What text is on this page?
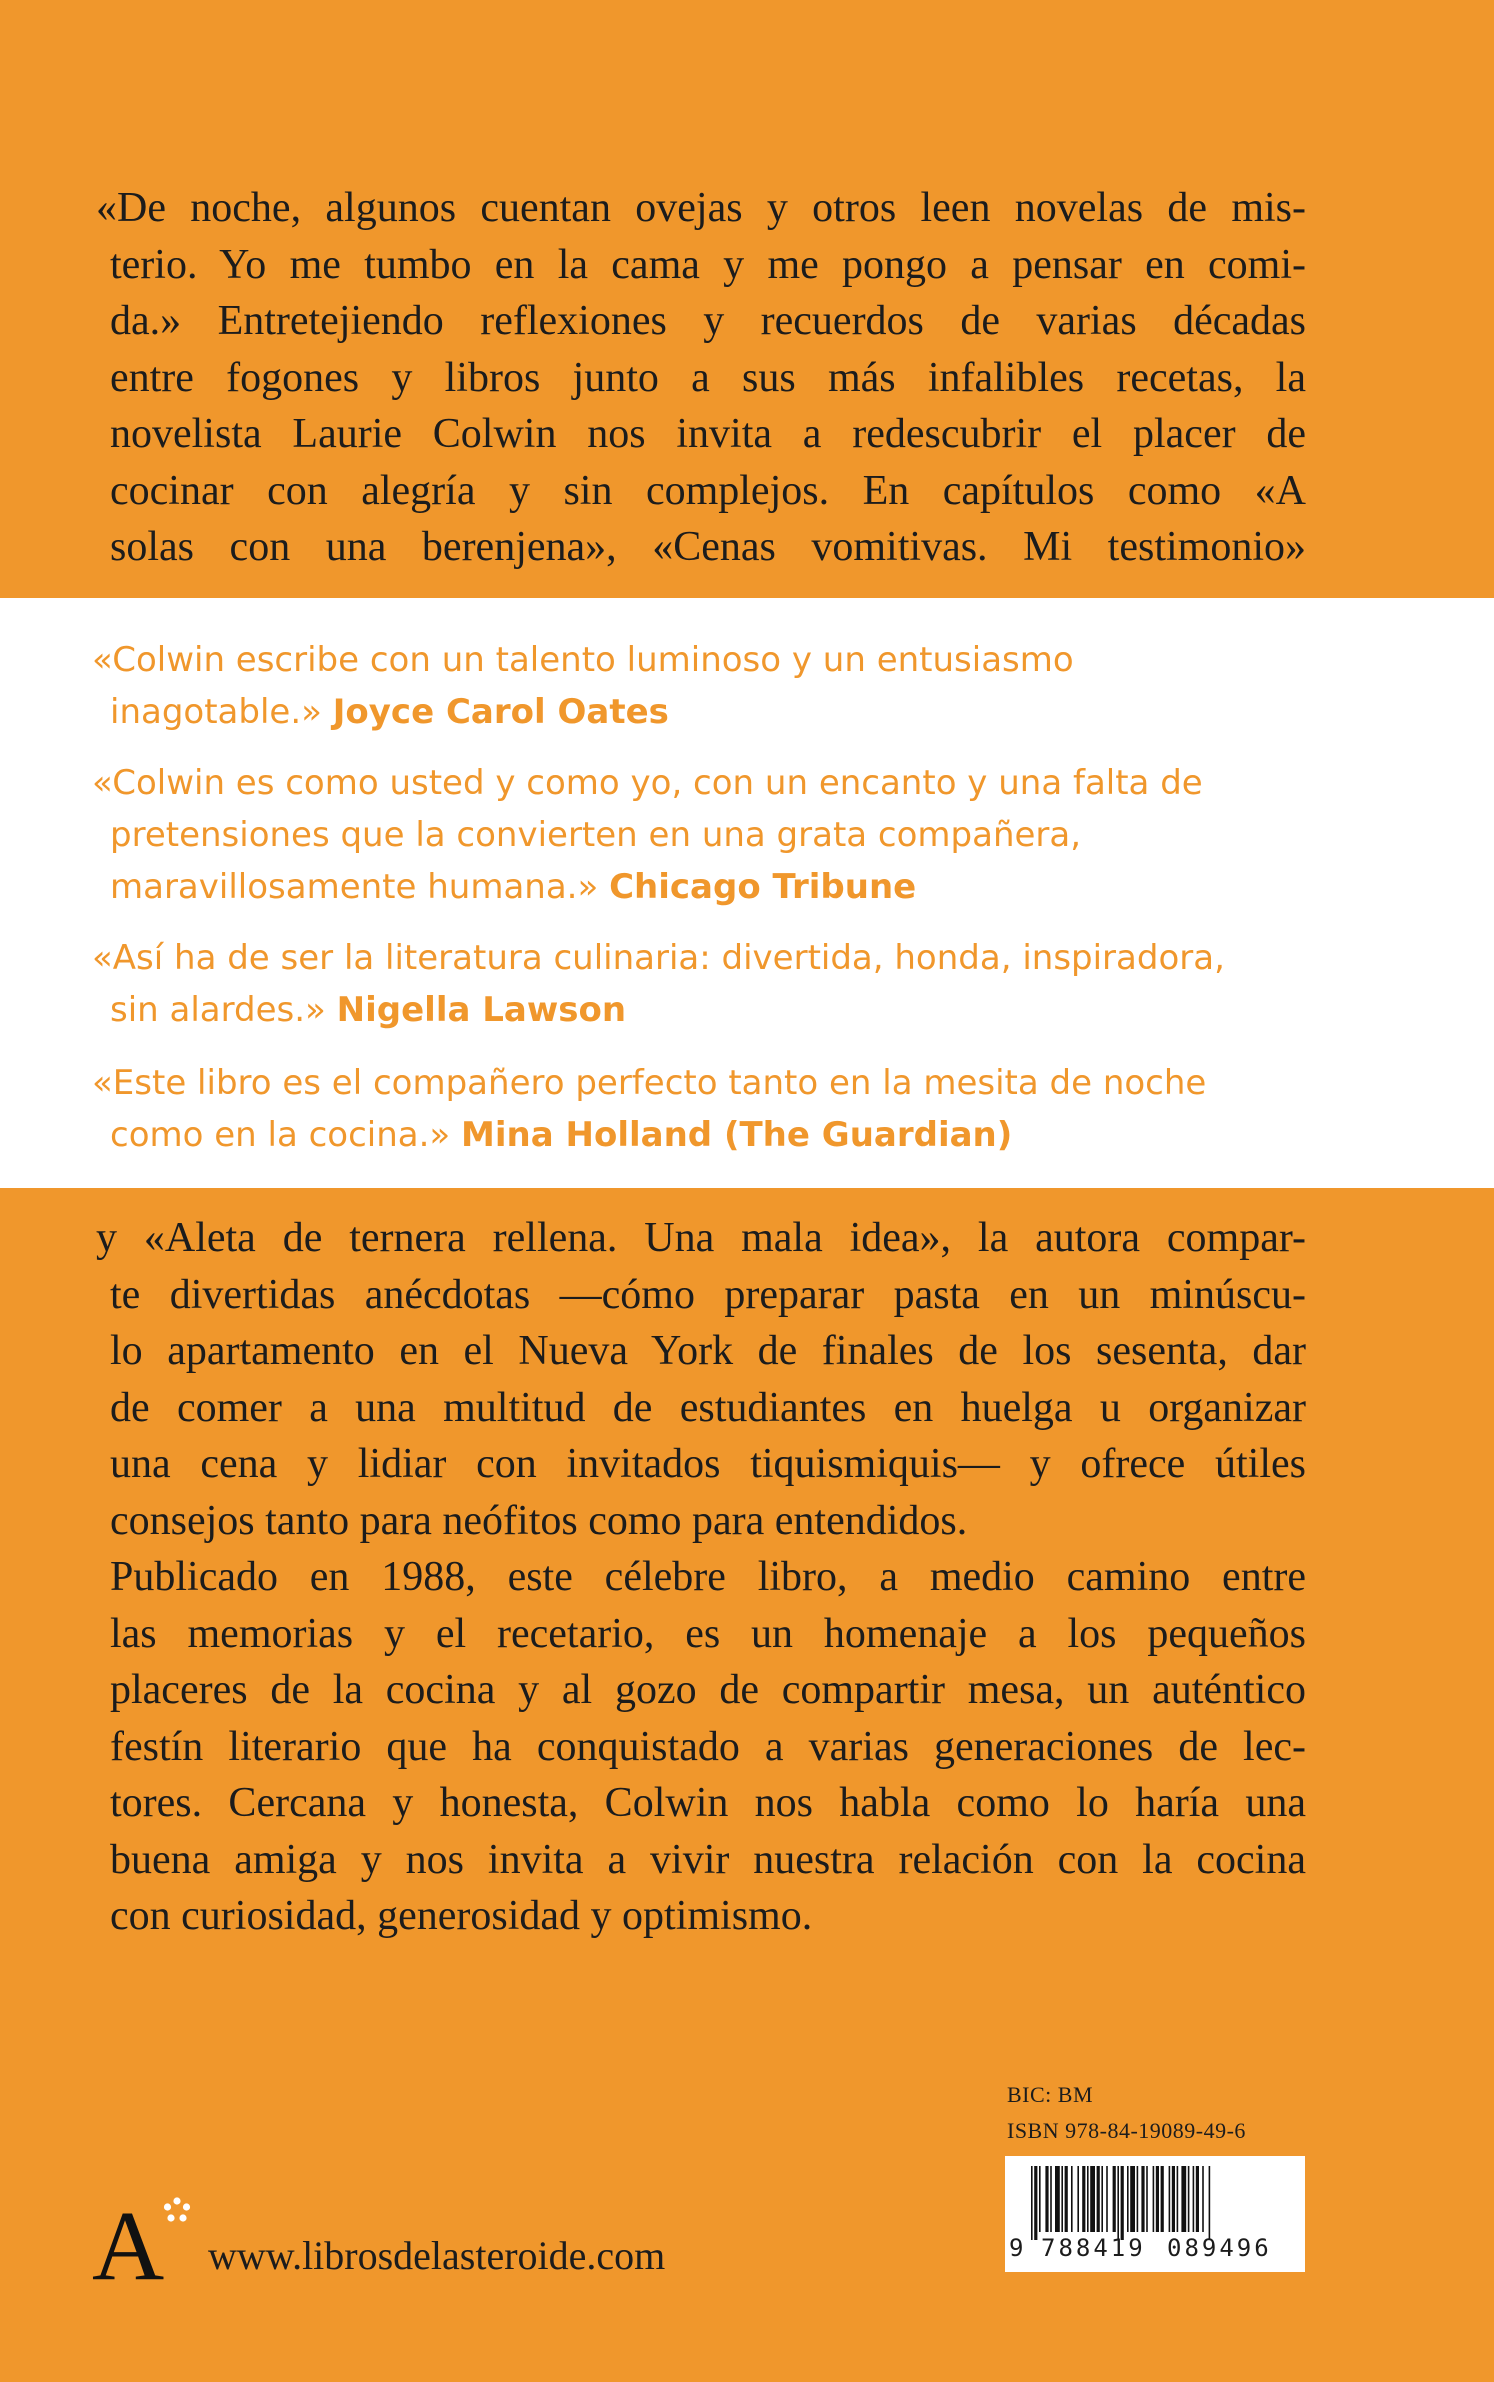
«De noche, algunos cuentan ovejas y otros leen novelas de mis-
terio. Yo me tumbo en la cama y me pongo a pensar en comi-
da.» Entretejiendo reflexiones y recuerdos de varias décadas
entre fogones y libros junto a sus más infalibles recetas, la
novelista Laurie Colwin nos invita a redescubrir el placer de
cocinar con alegría y sin complejos. En capítulos como «A
solas con una berenjena», «Cenas vomitivas. Mi testimonio»
«Colwin escribe con un talento luminoso y un entusiasmo
inagotable.» Joyce Carol Oates
«Colwin es como usted y como yo, con un encanto y una falta de
pretensiones que la convierten en una grata compañera,
maravillosamente humana.» Chicago Tribune
«Así ha de ser la literatura culinaria: divertida, honda, inspiradora,
sin alardes.» Nigella Lawson
«Este libro es el compañero perfecto tanto en la mesita de noche
como en la cocina.» Mina Holland (The Guardian)
y «Aleta de ternera rellena. Una mala idea», la autora compar-
te divertidas anécdotas —cómo preparar pasta en un minúscu-
lo apartamento en el Nueva York de finales de los sesenta, dar
de comer a una multitud de estudiantes en huelga u organizar
una cena y lidiar con invitados tiquismiquis— y ofrece útiles
consejos tanto para neófitos como para entendidos.
Publicado en 1988, este célebre libro, a medio camino entre
las memorias y el recetario, es un homenaje a los pequeños
placeres de la cocina y al gozo de compartir mesa, un auténtico
festín literario que ha conquistado a varias generaciones de lec-
tores. Cercana y honesta, Colwin nos habla como lo haría una
buena amiga y nos invita a vivir nuestra relación con la cocina
con curiosidad, generosidad y optimismo.
BIC: BM
ISBN 978-84-19089-49-6
9 788419 089496
A www.librosdelasteroide.com
